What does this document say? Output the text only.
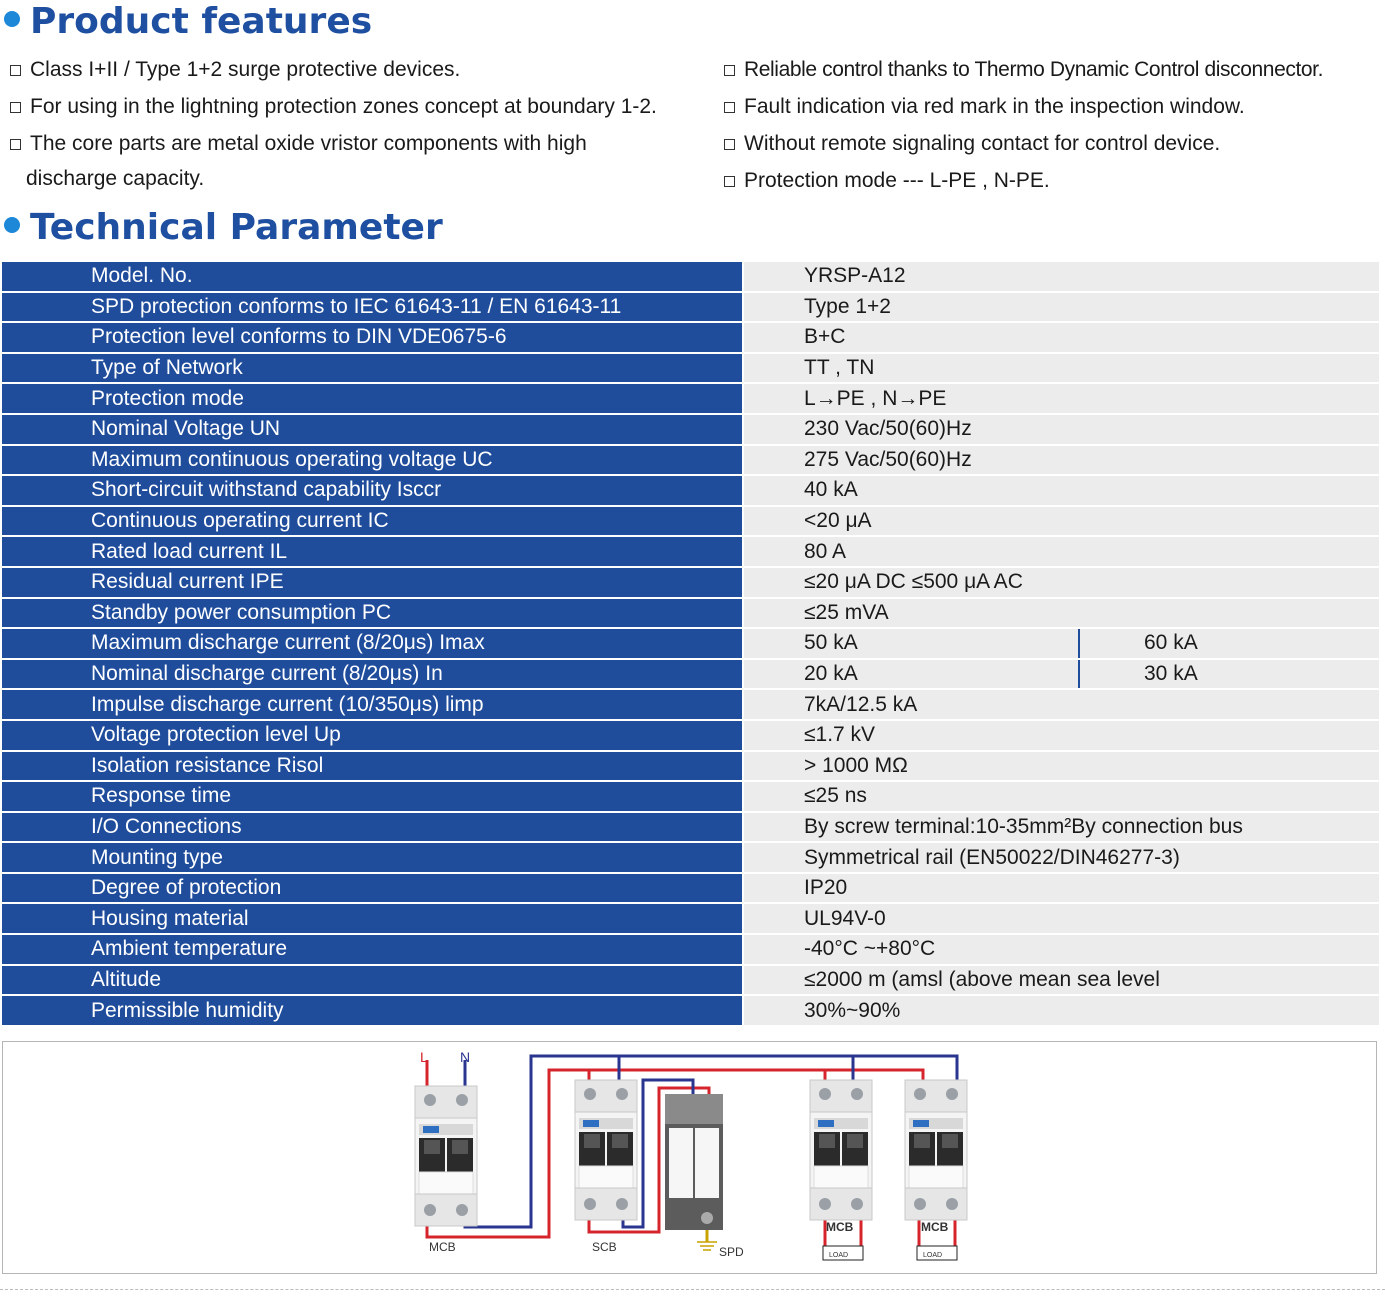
Product features

Class I+II / Type 1+2 surge protective devices.

For using in the lightning protection zones concept at boundary 1-2.

The core parts are metal oxide vristor components with high
discharge capacity.

Reliable control thanks to Thermo Dynamic Control disconnector.

Fault indication via red mark in the inspection window.

Without remote signaling contact for control device.

Protection mode --- L-PE , N-PE.

Technical Parameter
Model. No.		YRSP-A12
SPD protection conforms to IEC 61643-11 / EN 61643-11		Type 1+2
Protection level conforms to DIN VDE0675-6		B+C
Type of Network		TT , TN
Protection mode		L→PE , N→PE
Nominal Voltage UN		230 Vac/50(60)Hz
Maximum continuous operating voltage UC		275 Vac/50(60)Hz
Short-circuit withstand capability Isccr		40 kA
Continuous operating current IC		<20 μA
Rated load current IL		80 A
Residual current IPE		≤20 μA DC ≤500 μA AC
Standby power consumption PC		≤25 mVA
Maximum discharge current (8/20μs) Imax		50 kA 60 kA

Nominal discharge current (8/20μs) In		20 kA 30 kA

Impulse discharge current (10/350μs) limp		7kA/12.5 kA
Voltage protection level Up		≤1.7 kV
Isolation resistance Risol		> 1000 MΩ
Response time		≤25 ns
I/O Connections		By screw terminal:10-35mm²By connection bus
Mounting type		Symmetrical rail (EN50022/DIN46277-3)
Degree of protection		IP20
Housing material		UL94V-0
Ambient temperature		-40°C ~+80°C
Altitude		≤2000 m (amsl (above mean sea level
Permissible humidity		30%~90%
L N
MCB	SCB	SPD
MCB	MCB
LOAD	LOAD
